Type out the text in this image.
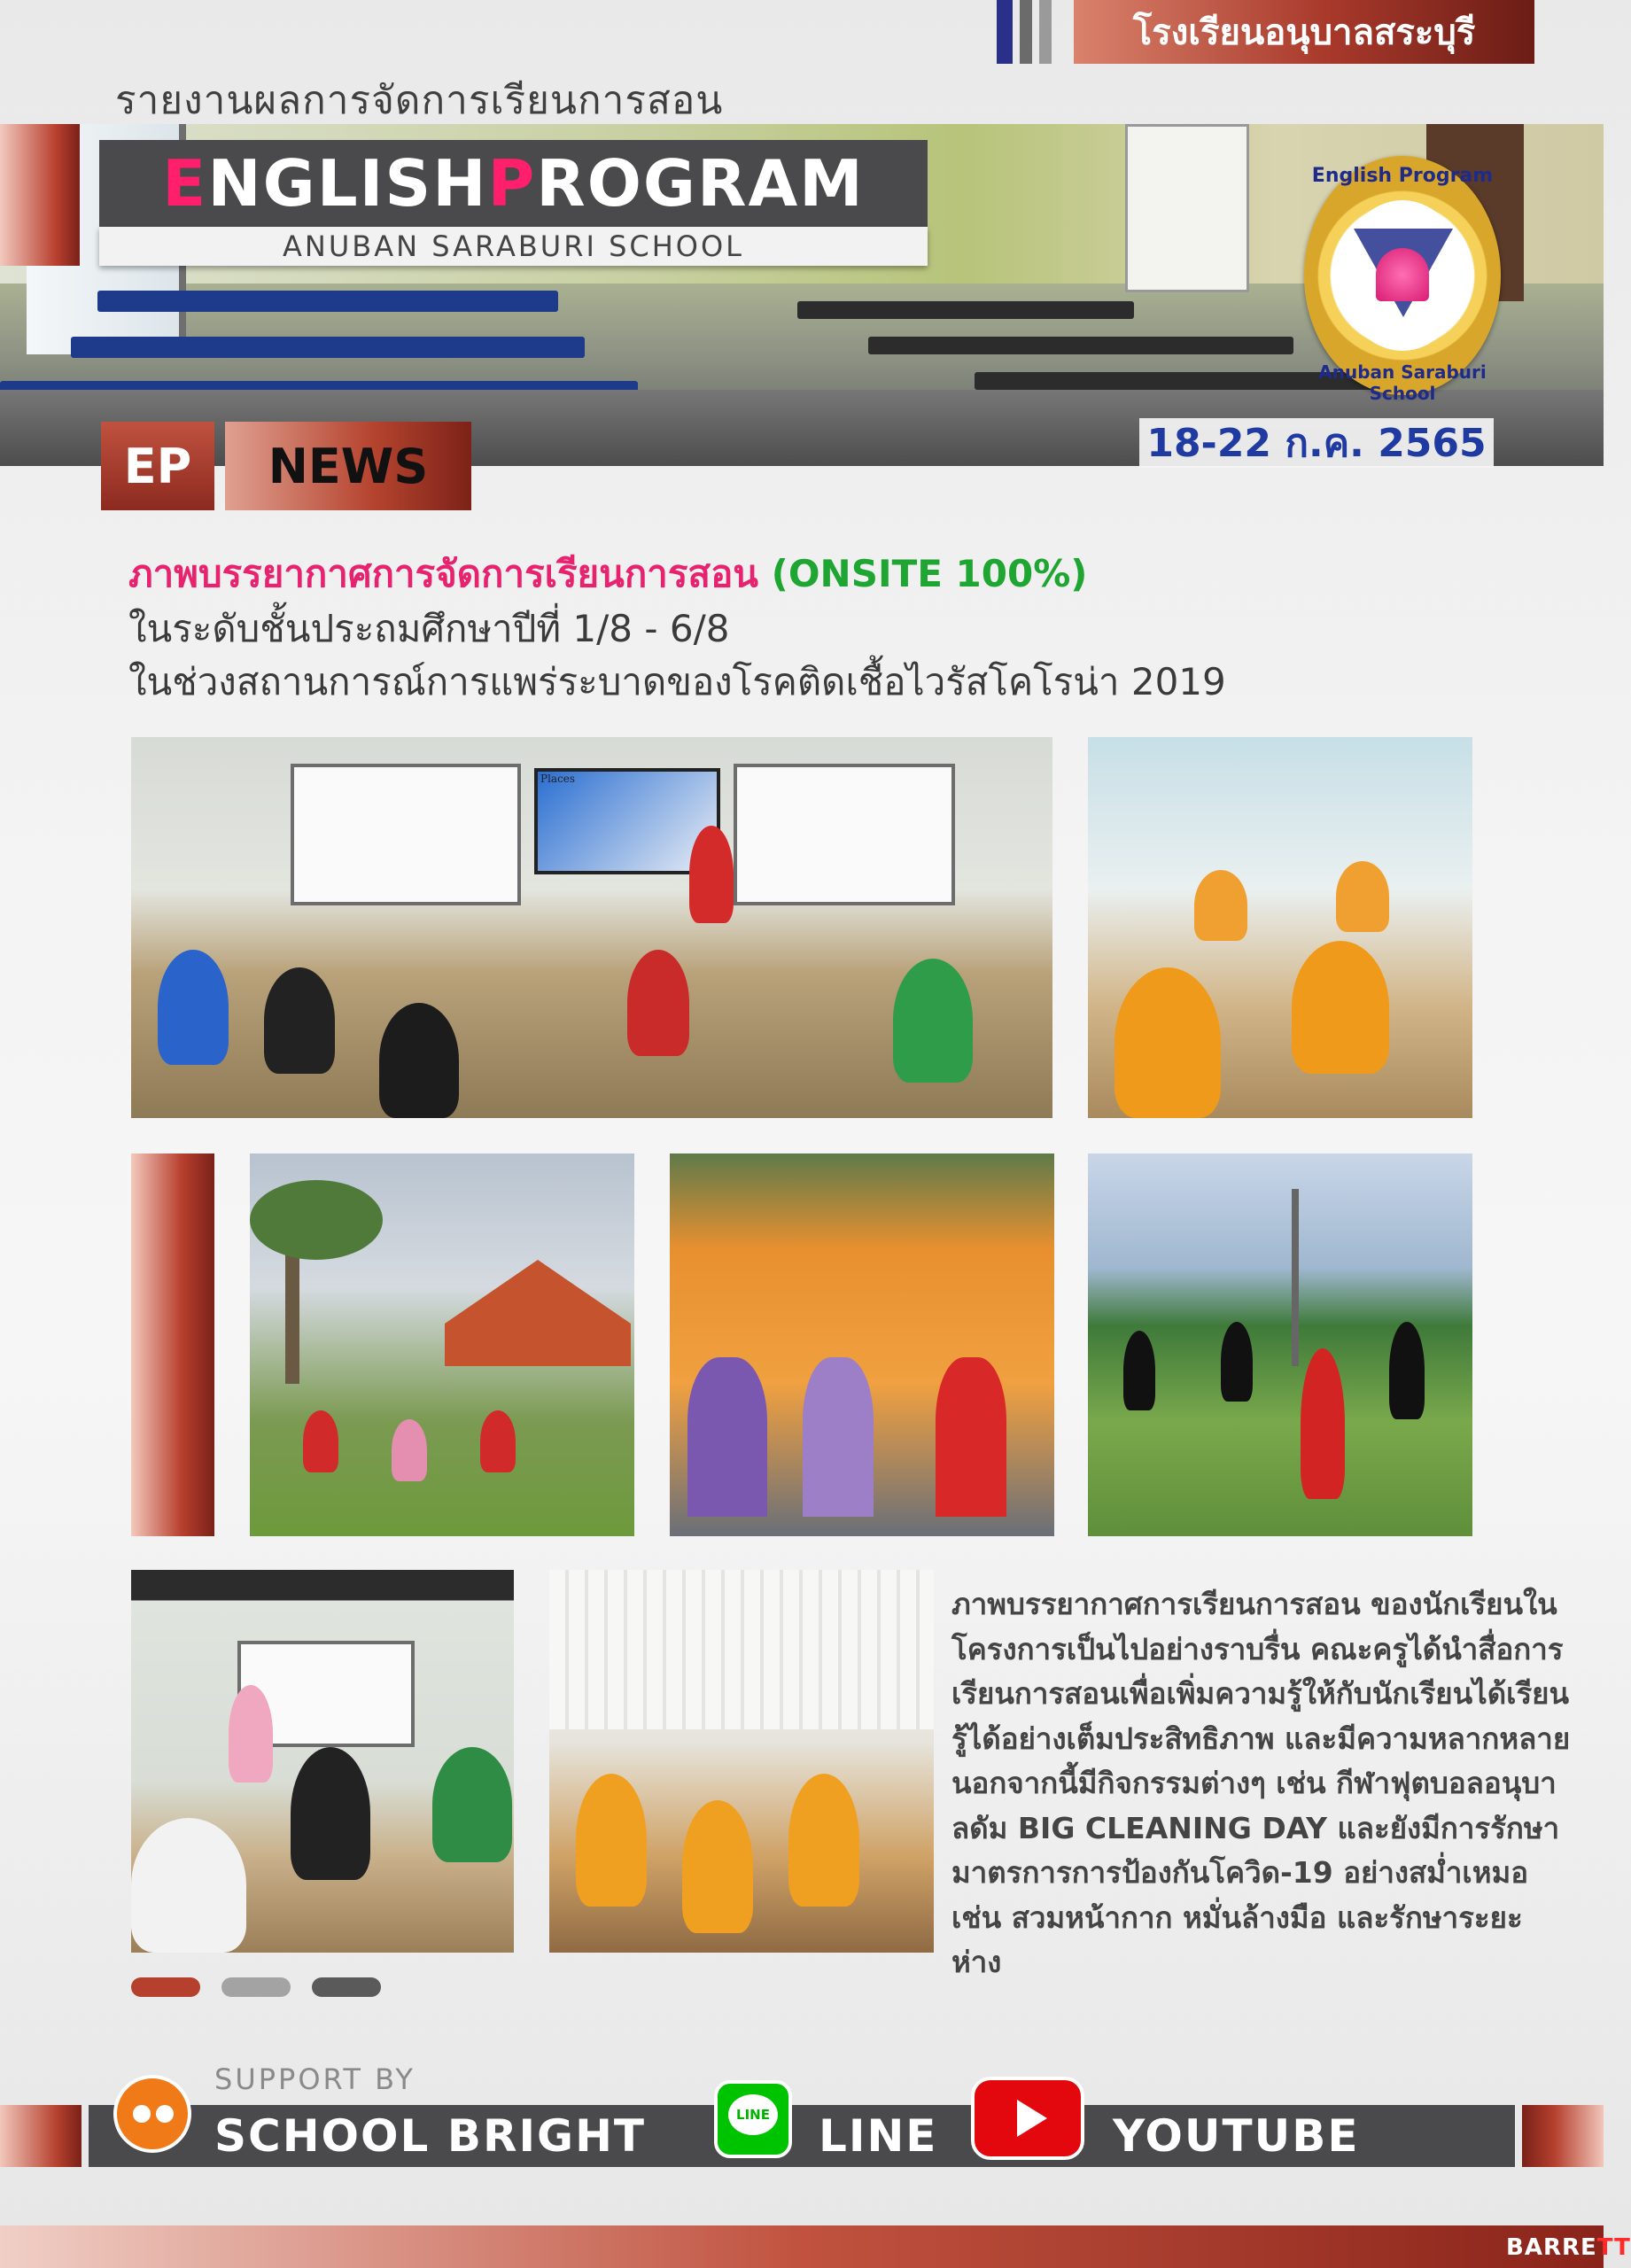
โรงเรียนอนุบาลสระบุรี
รายงานผลการจัดการเรียนการสอน
E NGLISH P ROGRAM
ANUBAN SARABURI SCHOOL
English Program
Anuban Saraburi School
18-22 ก.ค. 2565
EP	NEWS
ภาพบรรยากาศการจัดการเรียนการสอน (ONSITE 100%)
ในระดับชั้นประถมศึกษาปีที่ 1/8 - 6/8
ในช่วงสถานการณ์การแพร่ระบาดของโรคติดเชื้อไวรัสโคโรน่า 2019
Places
ภาพบรรยากาศการเรียนการสอน ของนักเรียนในโครงการเป็นไปอย่างราบรื่น คณะครูได้นำสื่อการเรียนการสอนเพื่อเพิ่มความรู้ให้กับนักเรียนได้เรียนรู้ได้อย่างเต็มประสิทธิภาพ และมีความหลากหลาย นอกจากนี้มีกิจกรรมต่างๆ เช่น กีฬาฟุตบอลอนุบาลดัม BIG CLEANING DAY และยังมีการรักษามาตรการการป้องกันโควิด-19 อย่างสม่ำเหมอ เช่น สวมหน้ากาก หมั่นล้างมือ และรักษาระยะห่าง
SUPPORT BY
SCHOOL BRIGHT	LINE LINE	YOUTUBE
BARRETT
